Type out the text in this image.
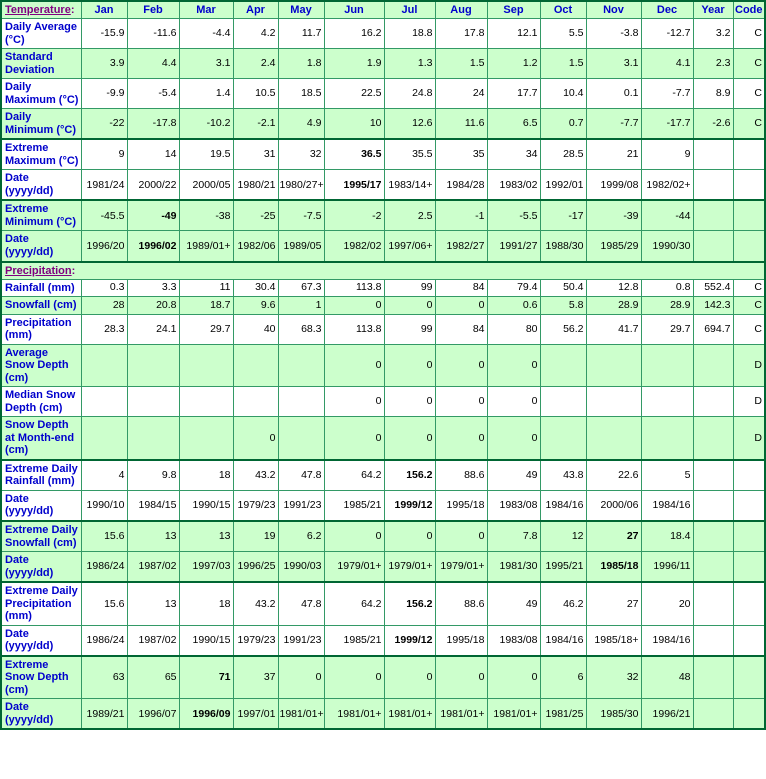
Temperature:	Jan	Feb	Mar	Apr	May	Jun	Jul	Aug	Sep	Oct	Nov	Dec	Year	Code
Daily Average (°C)	-15.9	-11.6	-4.4	4.2	11.7	16.2	18.8	17.8	12.1	5.5	-3.8	-12.7	3.2	C
Standard Deviation	3.9	4.4	3.1	2.4	1.8	1.9	1.3	1.5	1.2	1.5	3.1	4.1	2.3	C
Daily Maximum (°C)	-9.9	-5.4	1.4	10.5	18.5	22.5	24.8	24	17.7	10.4	0.1	-7.7	8.9	C
Daily Minimum (°C)	-22	-17.8	-10.2	-2.1	4.9	10	12.6	11.6	6.5	0.7	-7.7	-17.7	-2.6	C
Extreme Maximum (°C)	9	14	19.5	31	32	36.5	35.5	35	34	28.5	21	9		
Date (yyyy/dd)	1981/24	2000/22	2000/05	1980/21	1980/27+	1995/17	1983/14+	1984/28	1983/02	1992/01	1999/08	1982/02+		
Extreme Minimum (°C)	-45.5	-49	-38	-25	-7.5	-2	2.5	-1	-5.5	-17	-39	-44		
Date (yyyy/dd)	1996/20	1996/02	1989/01+	1982/06	1989/05	1982/02	1997/06+	1982/27	1991/27	1988/30	1985/29	1990/30		
Precipitation:														
Rainfall (mm)	0.3	3.3	11	30.4	67.3	113.8	99	84	79.4	50.4	12.8	0.8	552.4	C
Snowfall (cm)	28	20.8	18.7	9.6	1	0	0	0	0.6	5.8	28.9	28.9	142.3	C
Precipitation (mm)	28.3	24.1	29.7	40	68.3	113.8	99	84	80	56.2	41.7	29.7	694.7	C
Average Snow Depth (cm)						0	0	0	0					D
Median Snow Depth (cm)						0	0	0	0					D
Snow Depth at Month-end (cm)				0		0	0	0	0					D
Extreme Daily Rainfall (mm)	4	9.8	18	43.2	47.8	64.2	156.2	88.6	49	43.8	22.6	5		
Date (yyyy/dd)	1990/10	1984/15	1990/15	1979/23	1991/23	1985/21	1999/12	1995/18	1983/08	1984/16	2000/06	1984/16		
Extreme Daily Snowfall (cm)	15.6	13	13	19	6.2	0	0	0	7.8	12	27	18.4		
Date (yyyy/dd)	1986/24	1987/02	1997/03	1996/25	1990/03	1979/01+	1979/01+	1979/01+	1981/30	1995/21	1985/18	1996/11		
Extreme Daily Precipitation (mm)	15.6	13	18	43.2	47.8	64.2	156.2	88.6	49	46.2	27	20		
Date (yyyy/dd)	1986/24	1987/02	1990/15	1979/23	1991/23	1985/21	1999/12	1995/18	1983/08	1984/16	1985/18+	1984/16		
Extreme Snow Depth (cm)	63	65	71	37	0	0	0	0	0	6	32	48		
Date (yyyy/dd)	1989/21	1996/07	1996/09	1997/01	1981/01+	1981/01+	1981/01+	1981/01+	1981/01+	1981/25	1985/30	1996/21		
